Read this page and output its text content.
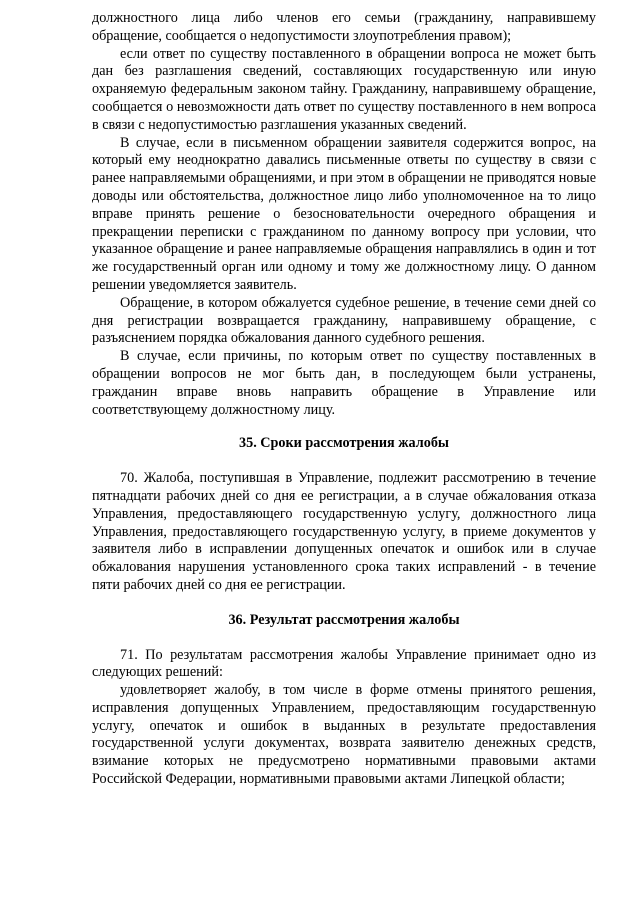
должностного лица либо членов его семьи (гражданину, направившему обращение, сообщается о недопустимости злоупотребления правом);

если ответ по существу поставленного в обращении вопроса не может быть дан без разглашения сведений, составляющих государственную или иную охраняемую федеральным законом тайну. Гражданину, направившему обращение, сообщается о невозможности дать ответ по существу поставленного в нем вопроса в связи с недопустимостью разглашения указанных сведений.

В случае, если в письменном обращении заявителя содержится вопрос, на который ему неоднократно давались письменные ответы по существу в связи с ранее направляемыми обращениями, и при этом в обращении не приводятся новые доводы или обстоятельства, должностное лицо либо уполномоченное на то лицо вправе принять решение о безосновательности очередного обращения и прекращении переписки с гражданином по данному вопросу при условии, что указанное обращение и ранее направляемые обращения направлялись в один и тот же государственный орган или одному и тому же должностному лицу. О данном решении уведомляется заявитель.

Обращение, в котором обжалуется судебное решение, в течение семи дней со дня регистрации возвращается гражданину, направившему обращение, с разъяснением порядка обжалования данного судебного решения.

В случае, если причины, по которым ответ по существу поставленных в обращении вопросов не мог быть дан, в последующем были устранены, гражданин вправе вновь направить обращение в Управление или соответствующему должностному лицу.

35. Сроки рассмотрения жалобы

70. Жалоба, поступившая в Управление, подлежит рассмотрению в течение пятнадцати рабочих дней со дня ее регистрации, а в случае обжалования отказа Управления, предоставляющего государственную услугу, должностного лица Управления, предоставляющего государственную услугу, в приеме документов у заявителя либо в исправлении допущенных опечаток и ошибок или в случае обжалования нарушения установленного срока таких исправлений - в течение пяти рабочих дней со дня ее регистрации.

36. Результат рассмотрения жалобы

71. По результатам рассмотрения жалобы Управление принимает одно из следующих решений:

удовлетворяет жалобу, в том числе в форме отмены принятого решения, исправления допущенных Управлением, предоставляющим государственную услугу, опечаток и ошибок в выданных в результате предоставления государственной услуги документах, возврата заявителю денежных средств, взимание которых не предусмотрено нормативными правовыми актами Российской Федерации, нормативными правовыми актами Липецкой области;
